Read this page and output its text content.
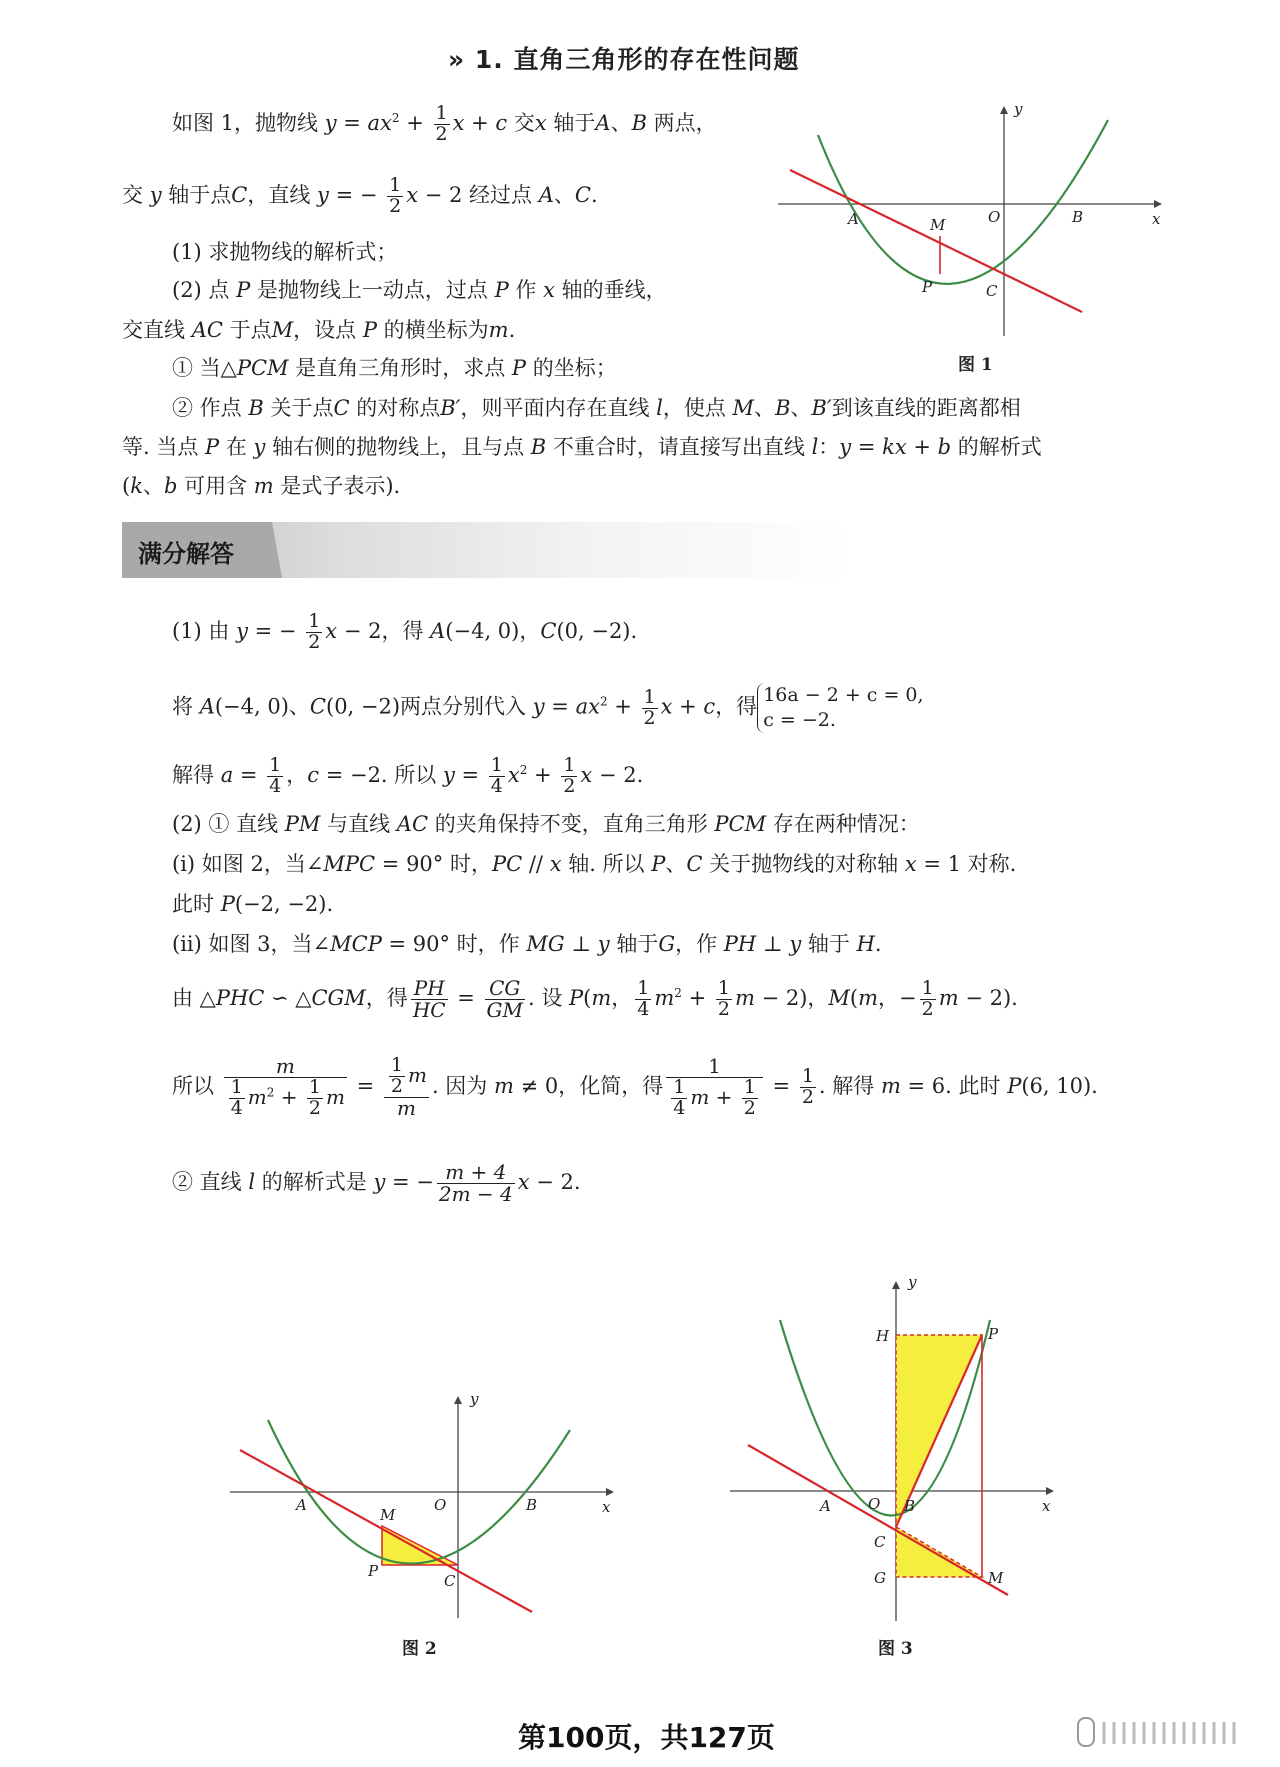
» 1. 直角三角形的存在性问题
如图 1，抛物线 $y = ax^2 + \frac{1}{2}$ x + c 交x 轴于A、B 两点，
交 y 轴于点C，直线 y = − $\frac{1}{2}$ x − 2 经过点 A、C.
(1) 求抛物线的解析式；
(2) 点 P 是抛物线上一动点，过点 P 作 x 轴的垂线，
交直线 AC 于点M，设点 P 的横坐标为m.
① 当△PCM 是直角三角形时，求点 P 的坐标；
② 作点 B 关于点C 的对称点B′，则平面内存在直线 l，使点 M、B、B′到该直线的距离都相
等. 当点 P 在 y 轴右侧的抛物线上，且与点 B 不重合时，请直接写出直线 l：y = kx + b 的解析式
(k、b 可用含 m 是式子表示).
y
x
A	O	B
M
P	C
图 1
满分解答
(1) 由 y = − $\frac{1}{2}$ x − 2，得 A(−4, 0)，C(0, −2).
将 A(−4, 0)、C(0, −2)两点分别代入 $y = ax^2 + \frac{1}{2}$ x + c，得 16a − 2 + c = 0,
c = −2.
解得 $a = \frac{1}{4}$ ，c = −2. 所以 $y = \frac{1}{4} x^2 + \frac{1}{2}$ x − 2.
(2) ① 直线 PM 与直线 AC 的夹角保持不变，直角三角形 PCM 存在两种情况：
(i) 如图 2，当∠MPC = 90° 时，PC // x 轴. 所以 P、C 关于抛物线的对称轴 x = 1 对称.
此时 P(−2, −2).
(ii) 如图 3，当∠MCP = 90° 时，作 MG ⊥ y 轴于G，作 PH ⊥ y 轴于 H.
由 △PHC ∽ △CGM，得 $\frac{PH}{HC} = \frac{CG}{GM}$ . 设 P(m， $\frac{1}{4} m^2 + \frac{1}{2}$ m − 2)，M(m，− $\frac{1}{2}$ m − 2).
所以 $\frac{m}{\frac{1}{4} m^2 + \frac{1}{2} m} = \frac{\frac{1}{2} m}{m}$ . 因为 m ≠ 0，化简，得 $\frac{1}{\frac{1}{4} m + \frac{1}{2}} = \frac{1}{2}$ . 解得 m = 6. 此时 P(6, 10).
② 直线 l 的解析式是 y = − $\frac{m + 4}{2m - 4}$ x − 2.
y
x
A	O	B
M
P
C
图 2
y
x
A O B
H	P
C
G	M
图 3
第100页，共127页
